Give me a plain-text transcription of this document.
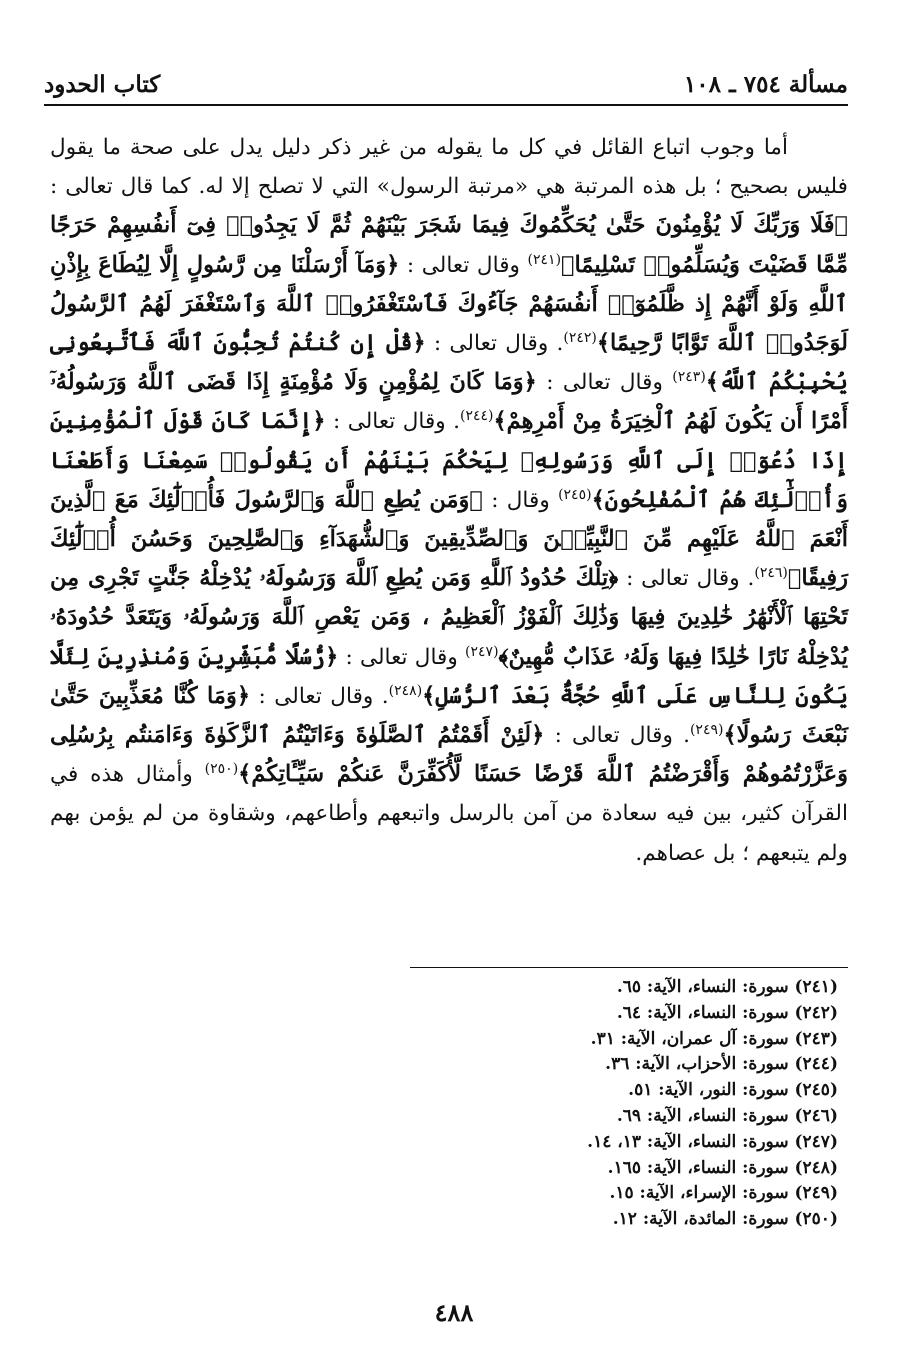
مسألة ٧٥٤ ـ ١٠٨
كتاب الحدود

أما وجوب اتباع القائل في كل ما يقوله من غير ذكر دليل يدل على صحة ما يقول فليس بصحيح ؛ بل هذه المرتبة هي «مرتبة الرسول» التي لا تصلح إلا له. كما قال تعالى : ﴿فَلَا وَرَبِّكَ لَا يُؤْمِنُونَ حَتَّىٰ يُحَكِّمُوكَ فِيمَا شَجَرَ بَيْنَهُمْ ثُمَّ لَا يَجِدُوا۟ فِىٓ أَنفُسِهِمْ حَرَجًا مِّمَّا قَضَيْتَ وَيُسَلِّمُوا۟ تَسْلِيمًا﴾$^{(٢٤١)}$ وقال تعالى : ﴿وَمَآ أَرْسَلْنَا مِن رَّسُولٍ إِلَّا لِيُطَاعَ بِإِذْنِ ٱللَّهِ وَلَوْ أَنَّهُمْ إِذ ظَّلَمُوٓا۟ أَنفُسَهُمْ جَآءُوكَ فَٱسْتَغْفَرُوا۟ ٱللَّهَ وَٱسْتَغْفَرَ لَهُمُ ٱلرَّسُولُ لَوَجَدُوا۟ ٱللَّهَ تَوَّابًا رَّحِيمًا﴾$^{(٢٤٢)}$. وقال تعالى : ﴿قُلْ إِن كُنتُمْ تُحِبُّونَ ٱللَّهَ فَٱتَّبِعُونِى يُحْبِبْكُمُ ٱللَّهُ﴾$^{(٢٤٣)}$ وقال تعالى : ﴿وَمَا كَانَ لِمُؤْمِنٍ وَلَا مُؤْمِنَةٍ إِذَا قَضَى ٱللَّهُ وَرَسُولُهُۥٓ أَمْرًا أَن يَكُونَ لَهُمُ ٱلْخِيَرَةُ مِنْ أَمْرِهِمْ﴾$^{(٢٤٤)}$. وقال تعالى : ﴿إِنَّمَا كَانَ قَوْلَ ٱلْمُؤْمِنِينَ إِذَا دُعُوٓا۟ إِلَى ٱللَّهِ وَرَسُولِهِۦ لِيَحْكُمَ بَيْنَهُمْ أَن يَقُولُوا۟ سَمِعْنَا وَأَطَعْنَا وَأُو۟لَٰٓئِكَ هُمُ ٱلْمُفْلِحُونَ﴾$^{(٢٤٥)}$ وقال : ﴿وَمَن يُطِعِ ٱللَّهَ وَٱلرَّسُولَ فَأُو۟لَٰٓئِكَ مَعَ ٱلَّذِينَ أَنْعَمَ ٱللَّهُ عَلَيْهِم مِّنَ ٱلنَّبِيِّـۧنَ وَٱلصِّدِّيقِينَ وَٱلشُّهَدَآءِ وَٱلصَّٰلِحِينَ وَحَسُنَ أُو۟لَٰٓئِكَ رَفِيقًا﴾$^{(٢٤٦)}$. وقال تعالى : ﴿تِلْكَ حُدُودُ ٱللَّهِ وَمَن يُطِعِ ٱللَّهَ وَرَسُولَهُۥ يُدْخِلْهُ جَنَّٰتٍ تَجْرِى مِن تَحْتِهَا ٱلْأَنْهَٰرُ خَٰلِدِينَ فِيهَا وَذَٰلِكَ ٱلْفَوْزُ ٱلْعَظِيمُ ، وَمَن يَعْصِ ٱللَّهَ وَرَسُولَهُۥ وَيَتَعَدَّ حُدُودَهُۥ يُدْخِلْهُ نَارًا خَٰلِدًا فِيهَا وَلَهُۥ عَذَابٌ مُّهِينٌ﴾$^{(٢٤٧)}$ وقال تعالى : ﴿رُّسُلًا مُّبَشِّرِينَ وَمُنذِرِينَ لِئَلَّا يَكُونَ لِلنَّاسِ عَلَى ٱللَّهِ حُجَّةٌۢ بَعْدَ ٱلرُّسُلِ﴾$^{(٢٤٨)}$. وقال تعالى : ﴿وَمَا كُنَّا مُعَذِّبِينَ حَتَّىٰ نَبْعَثَ رَسُولًا﴾$^{(٢٤٩)}$. وقال تعالى : ﴿لَئِنْ أَقَمْتُمُ ٱلصَّلَوٰةَ وَءَاتَيْتُمُ ٱلزَّكَوٰةَ وَءَامَنتُم بِرُسُلِى وَعَزَّرْتُمُوهُمْ وَأَقْرَضْتُمُ ٱللَّهَ قَرْضًا حَسَنًا لَّأُكَفِّرَنَّ عَنكُمْ سَيِّـَٔاتِكُمْ﴾$^{(٢٥٠)}$ وأمثال هذه في القرآن كثير، بين فيه سعادة من آمن بالرسل واتبعهم وأطاعهم، وشقاوة من لم يؤمن بهم ولم يتبعهم ؛ بل عصاهم.

(٢٤١) سورة: النساء، الآية: ٦٥.
(٢٤٢) سورة: النساء، الآية: ٦٤.
(٢٤٣) سورة: آل عمران، الآية: ٣١.
(٢٤٤) سورة: الأحزاب، الآية: ٣٦.
(٢٤٥) سورة: النور، الآية: ٥١.
(٢٤٦) سورة: النساء، الآية: ٦٩.
(٢٤٧) سورة: النساء، الآية: ١٣، ١٤.
(٢٤٨) سورة: النساء، الآية: ١٦٥.
(٢٤٩) سورة: الإسراء، الآية: ١٥.
(٢٥٠) سورة: المائدة، الآية: ١٢.
٤٨٨
